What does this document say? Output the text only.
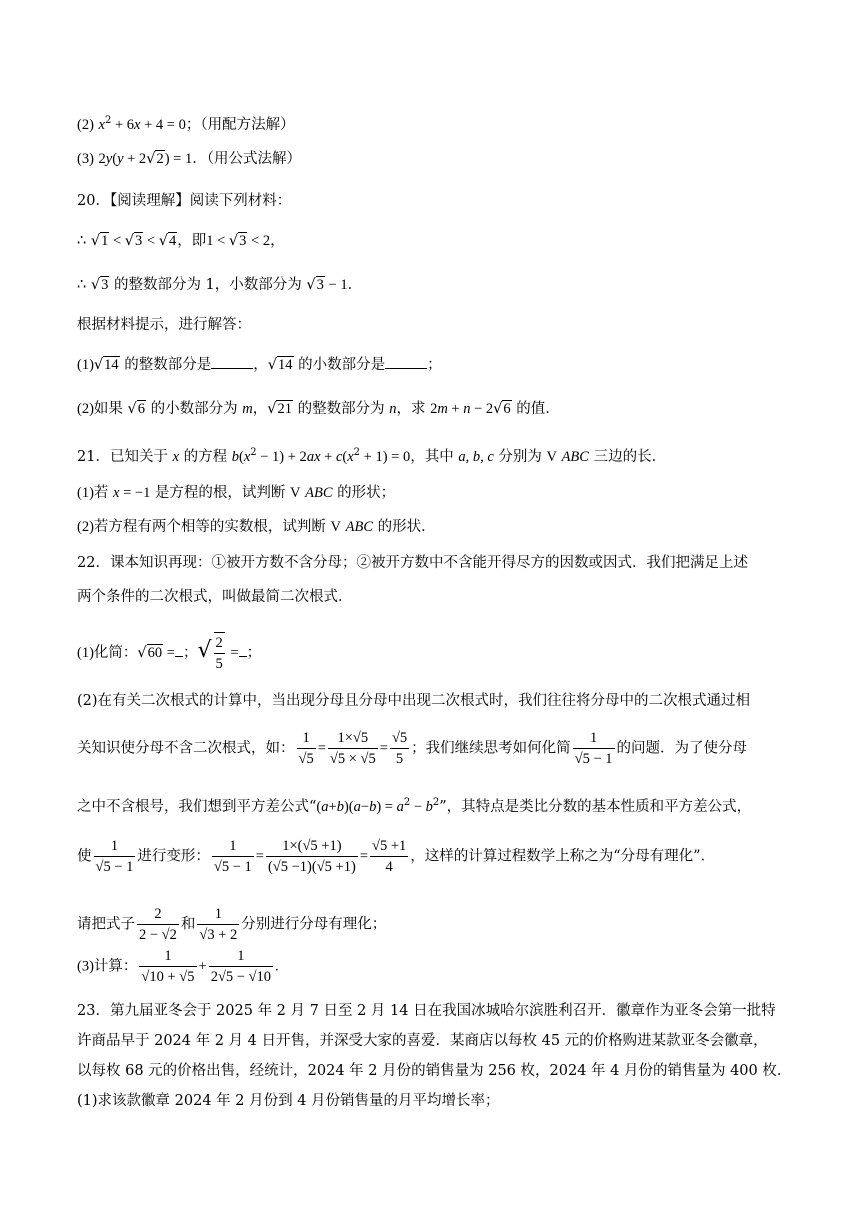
(2) $x^2 + 6x + 4 = 0$；（用配方法解）
(3) 2y(y + 2√2) = 1．（用公式法解）
20．【阅读理解】阅读下列材料：
∴ √1 < √3 < √4，即1 < √3 < 2，
∴ √3 的整数部分为 1，小数部分为 √3 − 1．
根据材料提示，进行解答：
(1)√14 的整数部分是	，√14 的小数部分是	；
(2)如果 √6 的小数部分为 m，√21 的整数部分为 n，求 2m + n − 2√6 的值．
21．已知关于 x 的方程 $b(x^2 - 1) + 2ax + c(x^2 + 1) = 0$，其中 a, b, c 分别为 V ABC 三边的长．
(1)若 x = −1 是方程的根，试判断 V ABC 的形状；
(2)若方程有两个相等的实数根，试判断 V ABC 的形状．
22．课本知识再现：①被开方数不含分母；②被开方数中不含能开得尽方的因数或因式．我们把满足上述
两个条件的二次根式，叫做最简二次根式．
(1)化简：√60 = ；√ $\frac{2}{5}$ = ；
(2)在有关二次根式的计算中，当出现分母且分母中出现二次根式时，我们往往将分母中的二次根式通过相
关知识使分母不含二次根式，如： $\frac{1}{√5} = \frac{1\times√5}{√5 \times √5} = \frac{√5}{5}$ ；我们继续思考如何化简 $\frac{1}{√5 - 1}$ 的问题．为了使分母
之中不含根号，我们想到平方差公式“$(a+b)(a-b) = a^2 - b^2$”，其特点是类比分数的基本性质和平方差公式，
使 $\frac{1}{√5 - 1}$ 进行变形： $\frac{1}{√5 - 1} = \frac{1\times(√5 +1)}{(√5 -1)(√5 +1)} = \frac{√5 +1}{4}$ ，这样的计算过程数学上称之为“分母有理化”．
请把式子 $\frac{2}{2 - √2}$ 和 $\frac{1}{√3 + 2}$ 分别进行分母有理化；
(3)计算： $\frac{1}{√10 + √5} + \frac{1}{2√5 - √10}$ .
23．第九届亚冬会于 2025 年 2 月 7 日至 2 月 14 日在我国冰城哈尔滨胜利召开．徽章作为亚冬会第一批特
许商品早于 2024 年 2 月 4 日开售，并深受大家的喜爱．某商店以每枚 45 元的价格购进某款亚冬会徽章，
以每枚 68 元的价格出售，经统计，2024 年 2 月份的销售量为 256 枚，2024 年 4 月份的销售量为 400 枚．
(1)求该款徽章 2024 年 2 月份到 4 月份销售量的月平均增长率；
